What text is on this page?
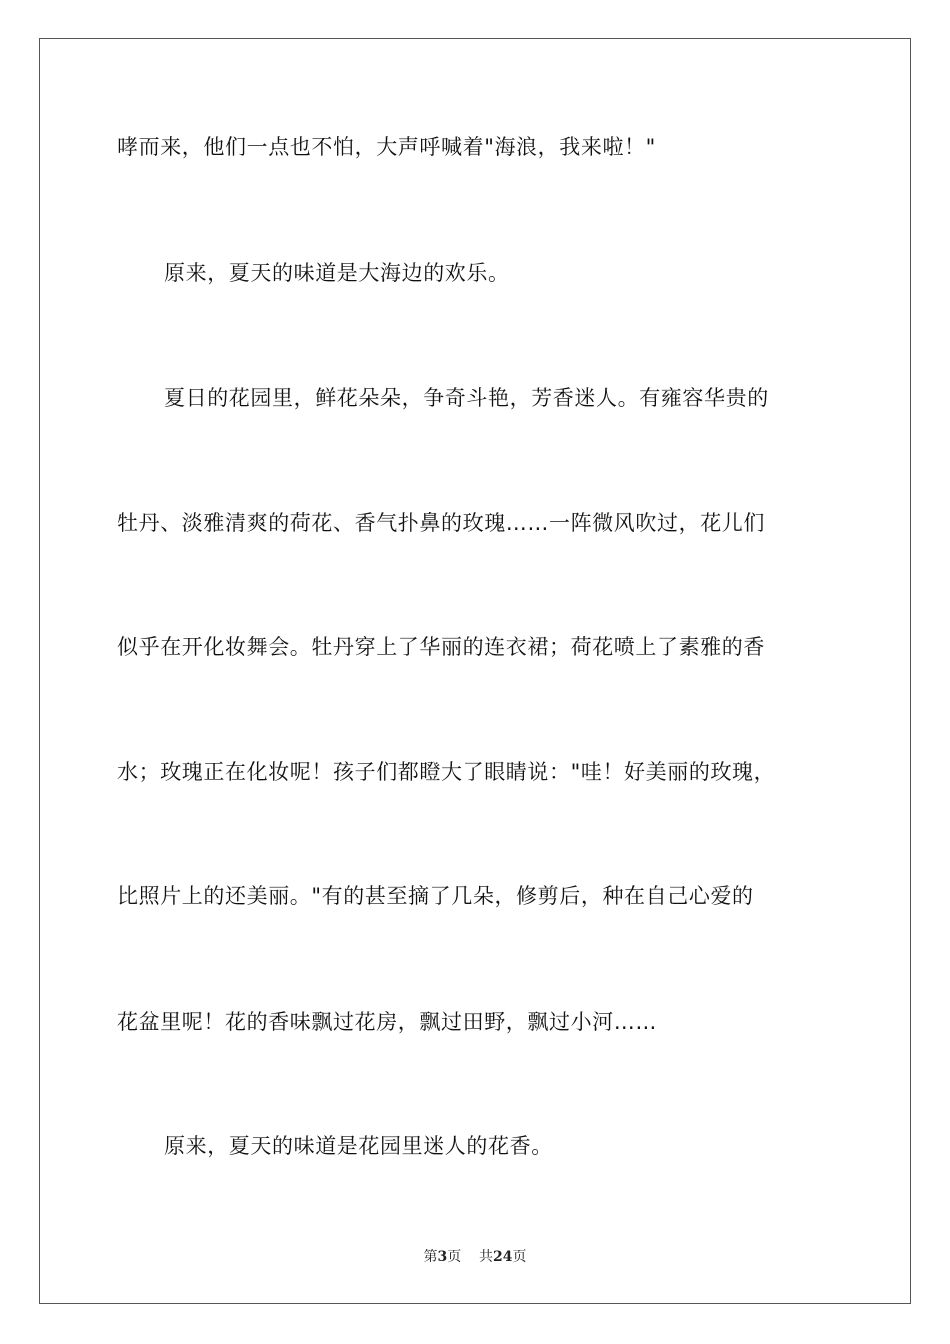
哮而来，他们一点也不怕，大声呼喊着"海浪，我来啦！"
原来，夏天的味道是大海边的欢乐。
夏日的花园里，鲜花朵朵，争奇斗艳，芳香迷人。有雍容华贵的
牡丹、淡雅清爽的荷花、香气扑鼻的玫瑰……一阵微风吹过，花儿们
似乎在开化妆舞会。牡丹穿上了华丽的连衣裙；荷花喷上了素雅的香
水；玫瑰正在化妆呢！孩子们都瞪大了眼睛说："哇！好美丽的玫瑰，
比照片上的还美丽。"有的甚至摘了几朵，修剪后，种在自己心爱的
花盆里呢！花的香味飘过花房，飘过田野，飘过小河……
原来，夏天的味道是花园里迷人的花香。
第3页 共24页
